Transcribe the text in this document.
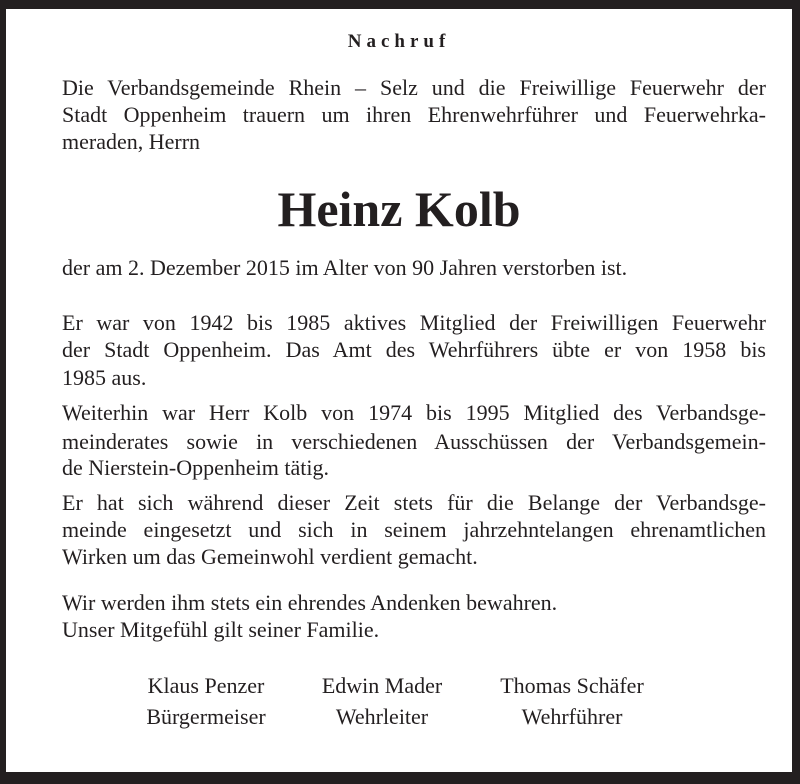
Nachruf
Die Verbandsgemeinde Rhein – Selz und die Freiwillige Feuerwehr der
Stadt Oppenheim trauern um ihren Ehrenwehrführer und Feuerwehrka-
meraden, Herrn
Heinz Kolb
der am 2. Dezember 2015 im Alter von 90 Jahren verstorben ist.
Er war von 1942 bis 1985 aktives Mitglied der Freiwilligen Feuerwehr
der Stadt Oppenheim. Das Amt des Wehrführers übte er von 1958 bis
1985 aus.
Weiterhin war Herr Kolb von 1974 bis 1995 Mitglied des Verbandsge-
meinderates sowie in verschiedenen Ausschüssen der Verbandsgemein-
de Nierstein-Oppenheim tätig.
Er hat sich während dieser Zeit stets für die Belange der Verbandsge-
meinde eingesetzt und sich in seinem jahrzehntelangen ehrenamtlichen
Wirken um das Gemeinwohl verdient gemacht.
Wir werden ihm stets ein ehrendes Andenken bewahren.
Unser Mitgefühl gilt seiner Familie.
Klaus Penzer
Bürgermeiser
Edwin Mader
Wehrleiter
Thomas Schäfer
Wehrführer
